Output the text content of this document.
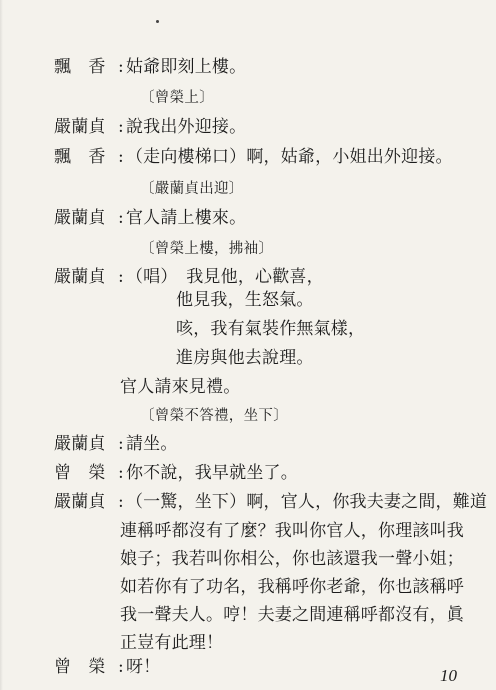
飄　香 : 姑爺即刻上樓。
〔曾榮上〕
嚴蘭貞 : 說我出外迎接。
飄　香 : （走向樓梯口）啊，姑爺，小姐出外迎接。
〔嚴蘭貞出迎〕
嚴蘭貞 : 官人請上樓來。
〔曾榮上樓，拂袖〕
嚴蘭貞 : （唱）　我見他，心歡喜，
他見我，生怒氣。
咳，我有氣裝作無氣樣，
進房與他去說理。
官人請來見禮。
〔曾榮不答禮，坐下〕
嚴蘭貞 : 請坐。
曾　榮 : 你不說，我早就坐了。
嚴蘭貞 : （一驚，坐下）啊，官人，你我夫妻之間，難道
連稱呼都沒有了麼？我叫你官人，你理該叫我
娘子；我若叫你相公，你也該還我一聲小姐；
如若你有了功名，我稱呼你老爺，你也該稱呼
我一聲夫人。哼！夫妻之間連稱呼都沒有，眞
正豈有此理！
曾　榮 : 呀！	10
